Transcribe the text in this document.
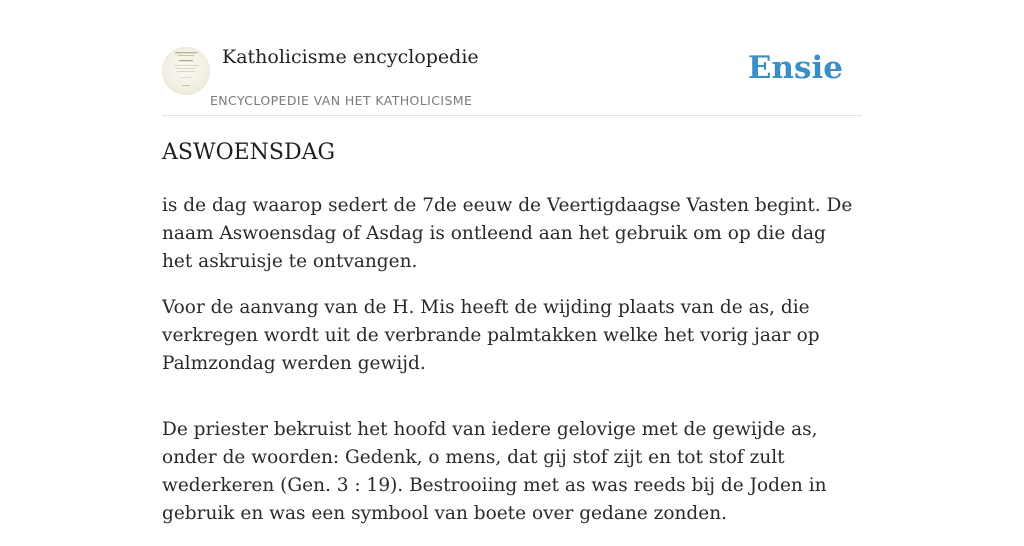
Katholicisme encyclopedie
ENCYCLOPEDIE VAN HET KATHOLICISME
Ensie
ASWOENSDAG

is de dag waarop sedert de 7de eeuw de Veertigdaagse Vasten begint. De naam Aswoensdag of Asdag is ontleend aan het gebruik om op die dag het askruisje te ontvangen.

Voor de aanvang van de H. Mis heeft de wijding plaats van de as, die verkregen wordt uit de verbrande palmtakken welke het vorig jaar op Palmzondag werden gewijd.

De priester bekruist het hoofd van iedere gelovige met de gewijde as, onder de woorden: Gedenk, o mens, dat gij stof zijt en tot stof zult wederkeren (Gen. 3 : 19). Bestrooiing met as was reeds bij de Joden in gebruik en was een symbool van boete over gedane zonden.
